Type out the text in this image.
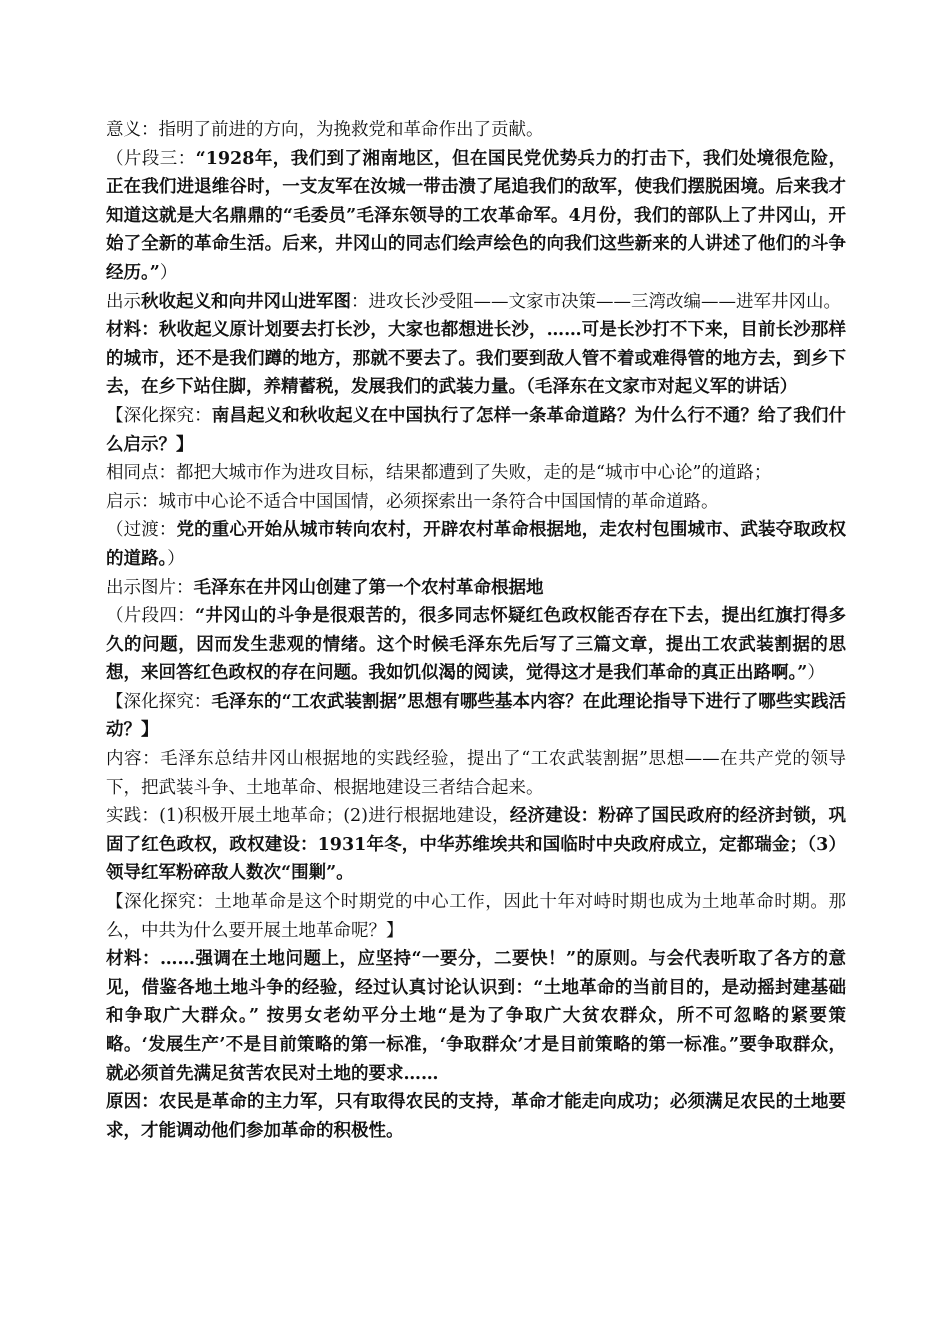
意义：指明了前进的方向，为挽救党和革命作出了贡献。

（片段三：“1928年，我们到了湘南地区，但在国民党优势兵力的打击下，我们处境很危险，正在我们进退维谷时，一支友军在汝城一带击溃了尾追我们的敌军，使我们摆脱困境。后来我才知道这就是大名鼎鼎的“毛委员”毛泽东领导的工农革命军。4月份，我们的部队上了井冈山，开始了全新的革命生活。后来，井冈山的同志们绘声绘色的向我们这些新来的人讲述了他们的斗争经历。”）

出示秋收起义和向井冈山进军图：进攻长沙受阻——文家市决策——三湾改编——进军井冈山。

材料：秋收起义原计划要去打长沙，大家也都想进长沙，……可是长沙打不下来，目前长沙那样的城市，还不是我们蹲的地方，那就不要去了。我们要到敌人管不着或难得管的地方去，到乡下去，在乡下站住脚，养精蓄税，发展我们的武装力量。（毛泽东在文家市对起义军的讲话）

【深化探究：南昌起义和秋收起义在中国执行了怎样一条革命道路？为什么行不通？给了我们什么启示？】

相同点：都把大城市作为进攻目标，结果都遭到了失败，走的是“城市中心论”的道路；

启示：城市中心论不适合中国国情，必须探索出一条符合中国国情的革命道路。

（过渡：党的重心开始从城市转向农村，开辟农村革命根据地，走农村包围城市、武装夺取政权的道路。）

出示图片：毛泽东在井冈山创建了第一个农村革命根据地

（片段四：“井冈山的斗争是很艰苦的，很多同志怀疑红色政权能否存在下去，提出红旗打得多久的问题，因而发生悲观的情绪。这个时候毛泽东先后写了三篇文章，提出工农武装割据的思想，来回答红色政权的存在问题。我如饥似渴的阅读，觉得这才是我们革命的真正出路啊。”）

【深化探究：毛泽东的“工农武装割据”思想有哪些基本内容？在此理论指导下进行了哪些实践活动？】

内容：毛泽东总结井冈山根据地的实践经验，提出了“工农武装割据”思想——在共产党的领导下，把武装斗争、土地革命、根据地建设三者结合起来。

实践：(1)积极开展土地革命；(2)进行根据地建设，经济建设：粉碎了国民政府的经济封锁，巩固了红色政权，政权建设：1931年冬，中华苏维埃共和国临时中央政府成立，定都瑞金；（3）领导红军粉碎敌人数次“围剿”。

【深化探究：土地革命是这个时期党的中心工作，因此十年对峙时期也成为土地革命时期。那么，中共为什么要开展土地革命呢？】

材料：……强调在土地问题上，应坚持“一要分，二要快！”的原则。与会代表听取了各方的意见，借鉴各地土地斗争的经验，经过认真讨论认识到：“土地革命的当前目的，是动摇封建基础和争取广大群众。” 按男女老幼平分土地“是为了争取广大贫农群众，所不可忽略的紧要策略。‘发展生产’不是目前策略的第一标准，‘争取群众’才是目前策略的第一标准。”要争取群众，就必须首先满足贫苦农民对土地的要求……

原因：农民是革命的主力军，只有取得农民的支持，革命才能走向成功；必须满足农民的土地要求，才能调动他们参加革命的积极性。
